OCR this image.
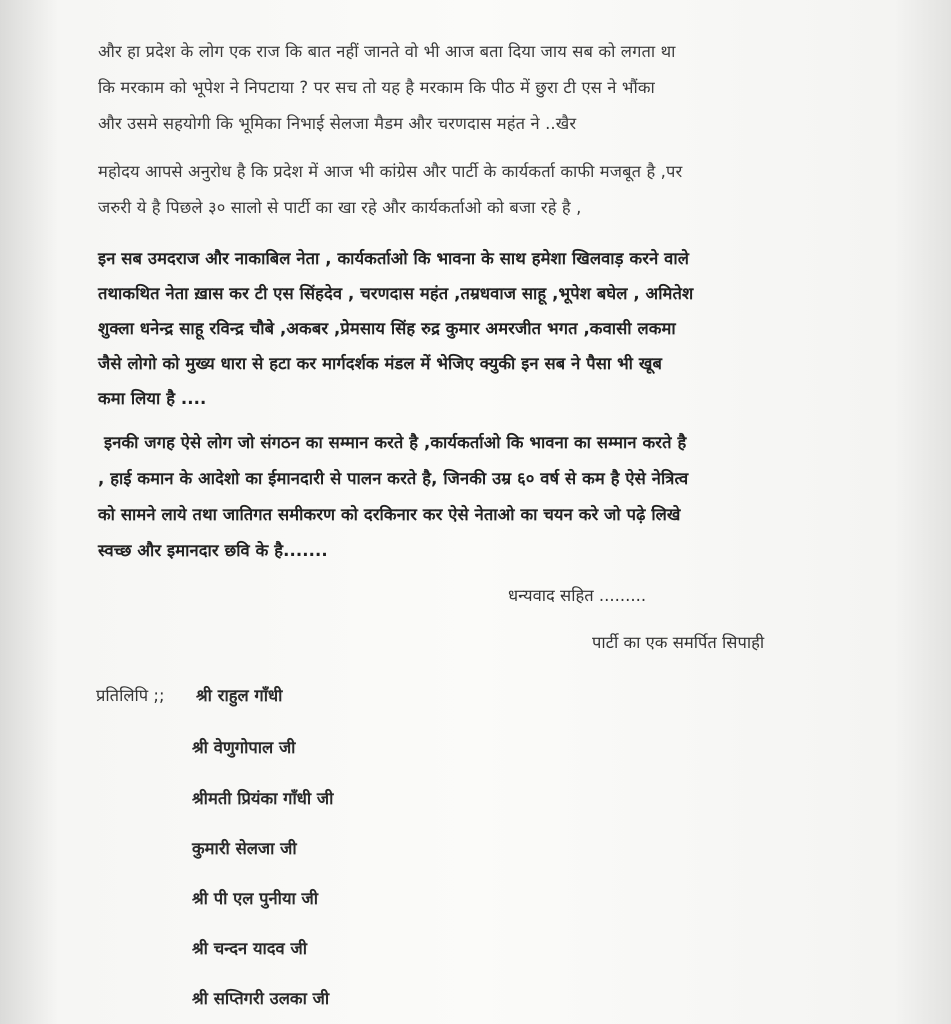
और हा प्रदेश के लोग एक राज कि बात नहीं जानते वो भी आज बता दिया जाय सब को लगता था
कि मरकाम को भूपेश ने निपटाया ? पर सच तो यह है मरकाम कि पीठ में छुरा टी एस ने भौंका
और उसमे सहयोगी कि भूमिका निभाई सेलजा मैडम और चरणदास महंत ने ..खैर
महोदय आपसे अनुरोध है कि प्रदेश में आज भी कांग्रेस और पार्टी के कार्यकर्ता काफी मजबूत है ,पर
जरुरी ये है पिछले ३० सालो से पार्टी का खा रहे और कार्यकर्ताओ को बजा रहे है ,
इन सब उमदराज और नाकाबिल नेता , कार्यकर्ताओ कि भावना के साथ हमेशा खिलवाड़ करने वाले
तथाकथित नेता ख़ास कर टी एस सिंहदेव , चरणदास महंत ,तम्रधवाज साहू ,भूपेश बघेल , अमितेश
शुक्ला धनेन्द्र साहू रविन्द्र चौबे ,अकबर ,प्रेमसाय सिंह रुद्र कुमार अमरजीत भगत ,कवासी लकमा
जैसे लोगो को मुख्य धारा से हटा कर मार्गदर्शक मंडल में भेजिए क्युकी इन सब ने पैसा भी खूब
कमा लिया है ....
इनकी जगह ऐसे लोग जो संगठन का सम्मान करते है ,कार्यकर्ताओ कि भावना का सम्मान करते है
, हाई कमान के आदेशो का ईमानदारी से पालन करते है, जिनकी उम्र ६० वर्ष से कम है ऐसे नेत्रित्व
को सामने लाये तथा जातिगत समीकरण को दरकिनार कर ऐसे नेताओ का चयन करे जो पढ़े लिखे
स्वच्छ और इमानदार छवि के है.......
धन्यवाद सहित .........
पार्टी का एक समर्पित सिपाही
प्रतिलिपि ;; श्री राहुल गाँधी
श्री वेणुगोपाल जी
श्रीमती प्रियंका गाँधी जी
कुमारी सेलजा जी
श्री पी एल पुनीया जी
श्री चन्दन यादव जी
श्री सप्तिगरी उलका जी
